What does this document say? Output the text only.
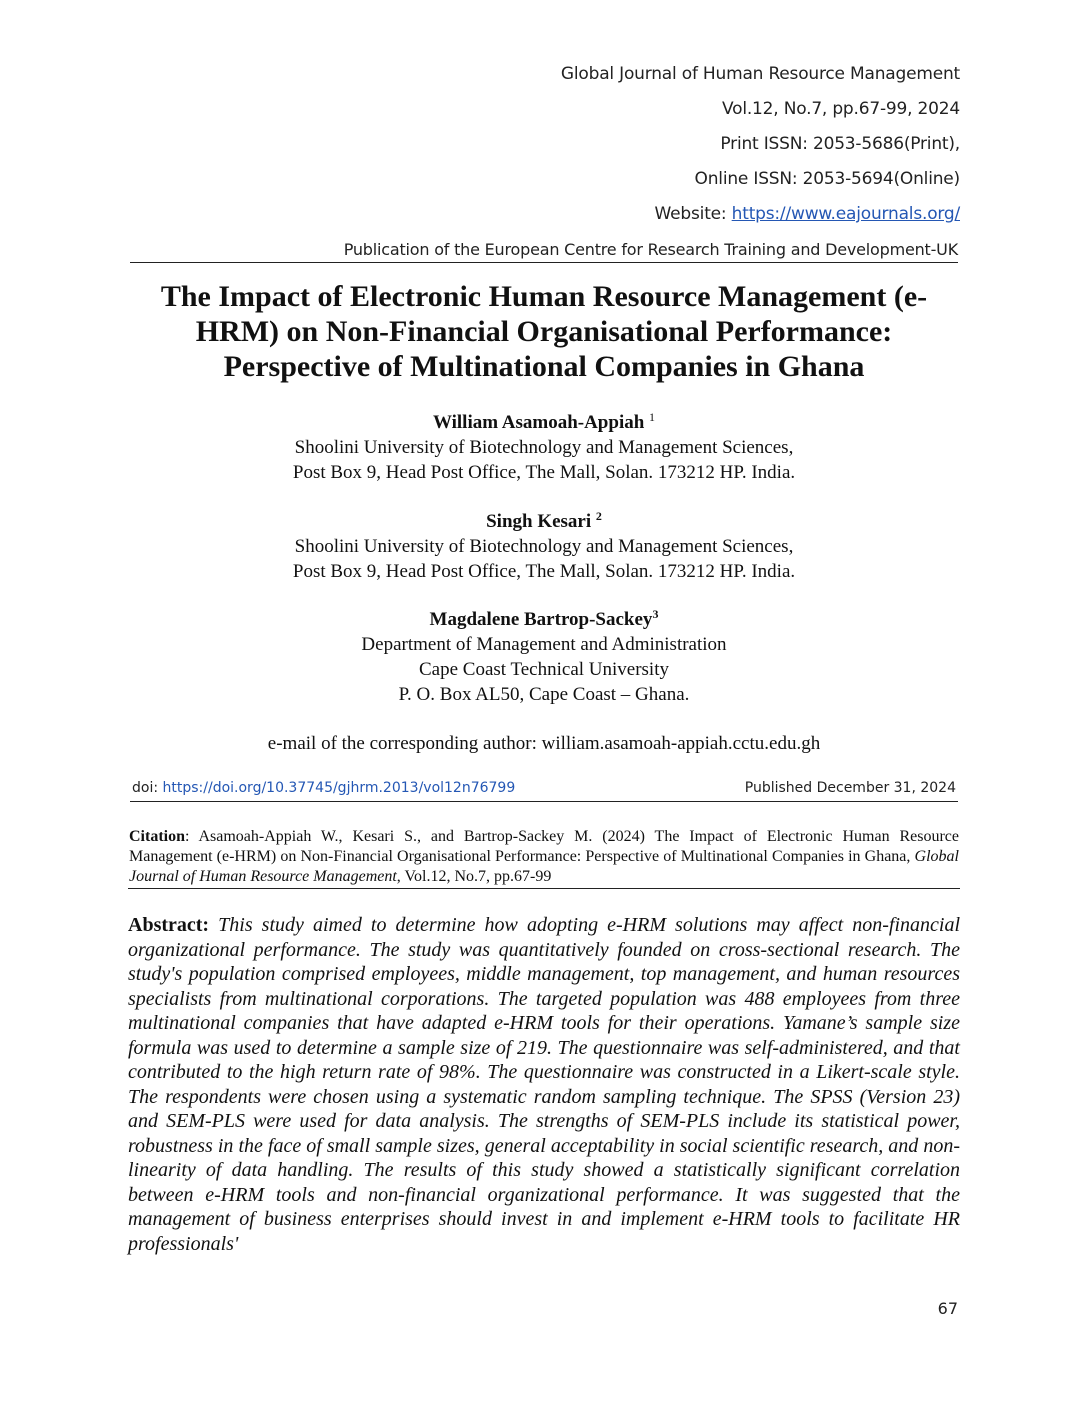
Global Journal of Human Resource Management
Vol.12, No.7, pp.67-99, 2024
Print ISSN: 2053-5686(Print),
Online ISSN: 2053-5694(Online)
Website: https://www.eajournals.org/
Publication of the European Centre for Research Training and Development-UK
The Impact of Electronic Human Resource Management (e-
HRM) on Non-Financial Organisational Performance:
Perspective of Multinational Companies in Ghana
William Asamoah-Appiah $^1$
Shoolini University of Biotechnology and Management Sciences,
Post Box 9, Head Post Office, The Mall, Solan. 173212 HP. India.
Singh Kesari $^2$
Shoolini University of Biotechnology and Management Sciences,
Post Box 9, Head Post Office, The Mall, Solan. 173212 HP. India.
Magdalene Bartrop-Sackey$^3$
Department of Management and Administration
Cape Coast Technical University
P. O. Box AL50, Cape Coast – Ghana.
e-mail of the corresponding author: william.asamoah-appiah.cctu.edu.gh
doi: https://doi.org/10.37745/gjhrm.2013/vol12n76799	Published December 31, 2024
Citation: Asamoah-Appiah W., Kesari S., and Bartrop-Sackey M. (2024) The Impact of Electronic Human Resource Management (e-HRM) on Non-Financial Organisational Performance: Perspective of Multinational Companies in Ghana, Global Journal of Human Resource Management, Vol.12, No.7, pp.67-99
Abstract: This study aimed to determine how adopting e-HRM solutions may affect non-financial organizational performance. The study was quantitatively founded on cross-sectional research. The study's population comprised employees, middle management, top management, and human resources specialists from multinational corporations. The targeted population was 488 employees from three multinational companies that have adapted e-HRM tools for their operations. Yamane’s sample size formula was used to determine a sample size of 219. The questionnaire was self-administered, and that contributed to the high return rate of 98%. The questionnaire was constructed in a Likert-scale style. The respondents were chosen using a systematic random sampling technique. The SPSS (Version 23) and SEM-PLS were used for data analysis. The strengths of SEM-PLS include its statistical power, robustness in the face of small sample sizes, general acceptability in social scientific research, and non-linearity of data handling. The results of this study showed a statistically significant correlation between e-HRM tools and non-financial organizational performance. It was suggested that the management of business enterprises should invest in and implement e-HRM tools to facilitate HR professionals'
67
